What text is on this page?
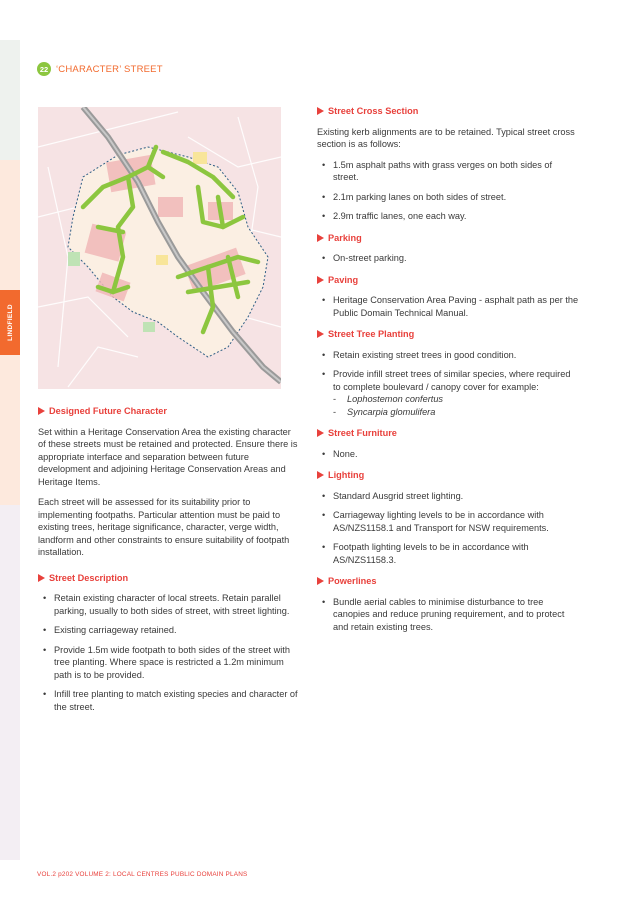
LINDFIELD
22 ‘CHARACTER’ STREET
Designed Future Character

Set within a Heritage Conservation Area the existing character of these streets must be retained and protected. Ensure there is appropriate interface and separation between future development and adjoining Heritage Conservation Areas and Heritage Items.

Each street will be assessed for its suitability prior to implementing footpaths. Particular attention must be paid to existing trees, heritage significance, character, verge width, landform and other constraints to ensure suitability of footpath installation.

Street Description
• Retain existing character of local streets. Retain parallel parking, usually to both sides of street, with street lighting.
• Existing carriageway retained.
• Provide 1.5m wide footpath to both sides of the street with tree planting. Where space is restricted a 1.2m minimum path is to be provided.
• Infill tree planting to match existing species and character of the street.
Street Cross Section

Existing kerb alignments are to be retained. Typical street cross section is as follows:

• 1.5m asphalt paths with grass verges on both sides of street.
• 2.1m parking lanes on both sides of street.
• 2.9m traffic lanes, one each way.
Parking
• On-street parking.
Paving
• Heritage Conservation Area Paving - asphalt path as per the Public Domain Technical Manual.
Street Tree Planting
• Retain existing street trees in good condition.
• Provide infill street trees of similar species, where required to complete boulevard / canopy cover for example:
- Lophostemon confertus
- Syncarpia glomulifera
Street Furniture
• None.
Lighting
• Standard Ausgrid street lighting.
• Carriageway lighting levels to be in accordance with AS/NZS1158.1 and Transport for NSW requirements.
• Footpath lighting levels to be in accordance with AS/NZS1158.3.
Powerlines
• Bundle aerial cables to minimise disturbance to tree canopies and reduce pruning requirement, and to protect and retain existing trees.
VOL.2 p202 VOLUME 2: LOCAL CENTRES PUBLIC DOMAIN PLANS
